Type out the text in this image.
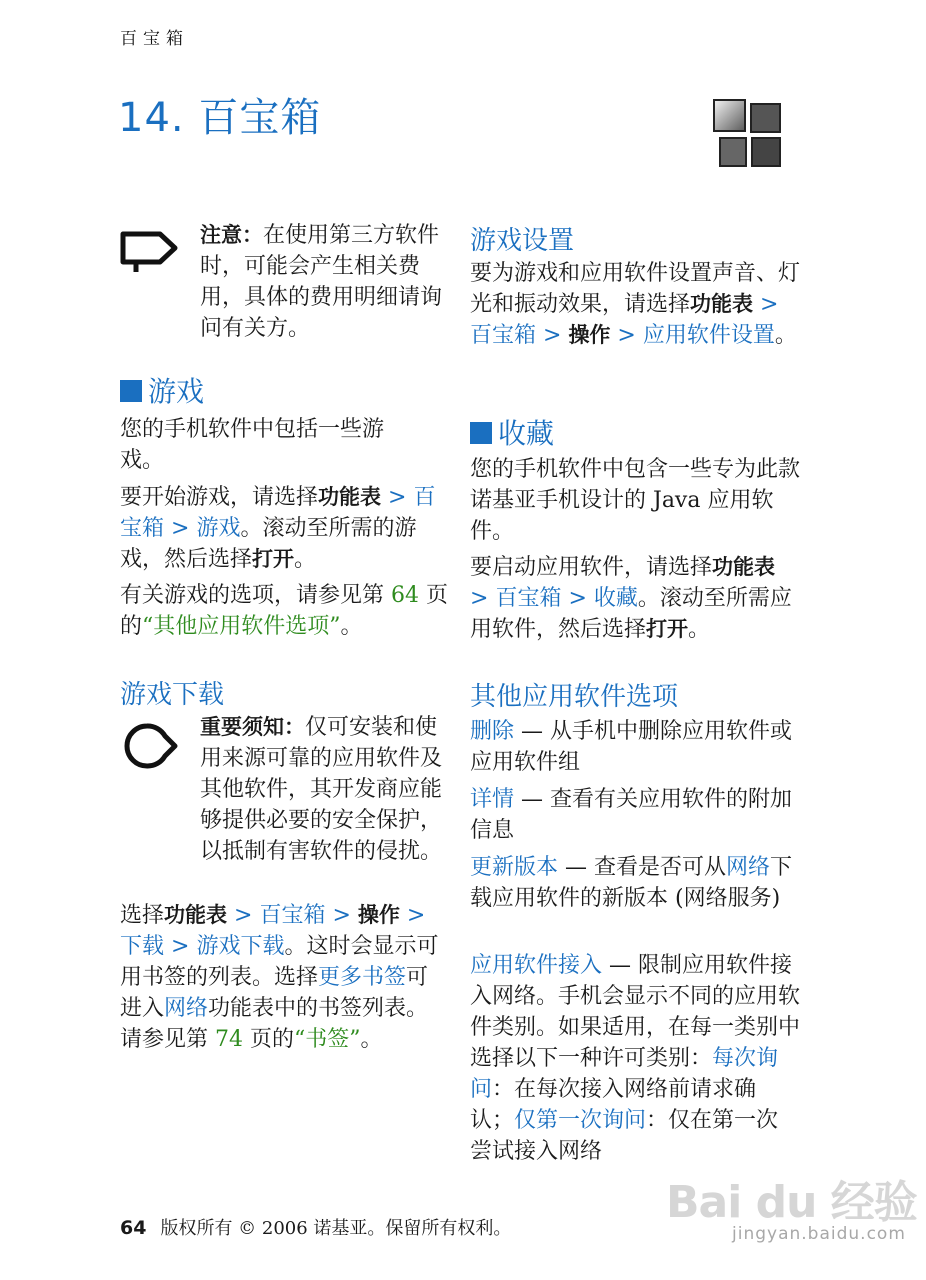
百宝箱
14. 百宝箱

注意：在使用第三方软件时，可能会产生相关费用，具体的费用明细请询问有关方。

游戏

您的手机软件中包括一些游戏。

要开始游戏，请选择功能表 > 百宝箱 > 游戏。滚动至所需的游戏，然后选择打开。

有关游戏的选项，请参见第 64 页的“其他应用软件选项”。

游戏下载

重要须知：仅可安装和使用来源可靠的应用软件及其他软件，其开发商应能够提供必要的安全保护，以抵制有害软件的侵扰。

选择功能表 > 百宝箱 > 操作 > 下载 > 游戏下载。这时会显示可用书签的列表。选择更多书签可进入网络功能表中的书签列表。请参见第 74 页的“书签”。

游戏设置

要为游戏和应用软件设置声音、灯光和振动效果，请选择功能表 > 百宝箱 > 操作 > 应用软件设置。

收藏

您的手机软件中包含一些专为此款诺基亚手机设计的 Java 应用软件。

要启动应用软件，请选择功能表 > 百宝箱 > 收藏。滚动至所需应用软件，然后选择打开。

其他应用软件选项

删除 — 从手机中删除应用软件或应用软件组

详情 — 查看有关应用软件的附加信息

更新版本 — 查看是否可从网络下载应用软件的新版本 (网络服务)

应用软件接入 — 限制应用软件接入网络。手机会显示不同的应用软件类别。如果适用，在每一类别中选择以下一种许可类别：每次询问：在每次接入网络前请求确认；仅第一次询问：仅在第一次尝试接入网络

64 版权所有 © 2006 诺基亚。保留所有权利。
Bai du 经验
jingyan.baidu.com
